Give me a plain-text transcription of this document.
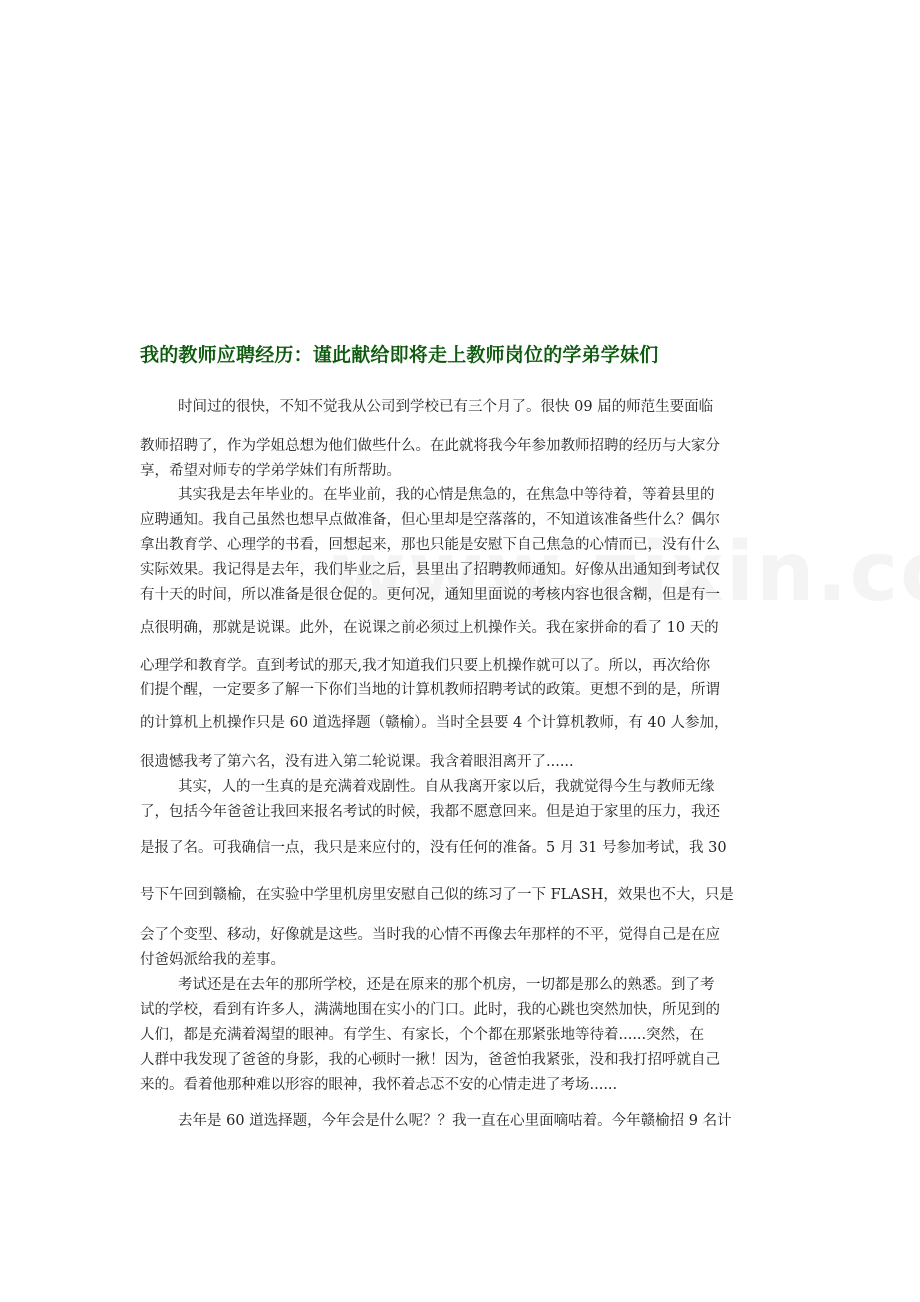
我的教师应聘经历：谨此献给即将走上教师岗位的学弟学妹们
时间过的很快，不知不觉我从公司到学校已有三个月了。很快 09 届的师范生要面临
教师招聘了，作为学姐总想为他们做些什么。在此就将我今年参加教师招聘的经历与大家分
享，希望对师专的学弟学妹们有所帮助。
其实我是去年毕业的。在毕业前，我的心情是焦急的，在焦急中等待着，等着县里的
应聘通知。我自己虽然也想早点做准备，但心里却是空落落的，不知道该准备些什么？偶尔
拿出教育学、心理学的书看，回想起来，那也只能是安慰下自己焦急的心情而已，没有什么
实际效果。我记得是去年，我们毕业之后，县里出了招聘教师通知。好像从出通知到考试仅
有十天的时间，所以准备是很仓促的。更何况，通知里面说的考核内容也很含糊，但是有一
点很明确，那就是说课。此外，在说课之前必须过上机操作关。我在家拼命的看了 10 天的
心理学和教育学。直到考试的那天,我才知道我们只要上机操作就可以了。所以，再次给你
们提个醒，一定要多了解一下你们当地的计算机教师招聘考试的政策。更想不到的是，所谓
的计算机上机操作只是 60 道选择题（赣榆）。当时全县要 4 个计算机教师，有 40 人参加，
很遗憾我考了第六名，没有进入第二轮说课。我含着眼泪离开了......
其实，人的一生真的是充满着戏剧性。自从我离开家以后，我就觉得今生与教师无缘
了，包括今年爸爸让我回来报名考试的时候，我都不愿意回来。但是迫于家里的压力，我还
是报了名。可我确信一点，我只是来应付的，没有任何的准备。5 月 31 号参加考试，我 30
号下午回到赣榆，在实验中学里机房里安慰自己似的练习了一下 FLASH，效果也不大，只是
会了个变型、移动，好像就是这些。当时我的心情不再像去年那样的不平，觉得自己是在应
付爸妈派给我的差事。
考试还是在去年的那所学校，还是在原来的那个机房，一切都是那么的熟悉。到了考
试的学校，看到有许多人，满满地围在实小的门口。此时，我的心跳也突然加快，所见到的
人们，都是充满着渴望的眼神。有学生、有家长，个个都在那紧张地等待着......突然，在
人群中我发现了爸爸的身影，我的心顿时一揪！因为，爸爸怕我紧张，没和我打招呼就自己
来的。看着他那种难以形容的眼神，我怀着忐忑不安的心情走进了考场......
去年是 60 道选择题，今年会是什么呢？？我一直在心里面嘀咕着。今年赣榆招 9 名计
